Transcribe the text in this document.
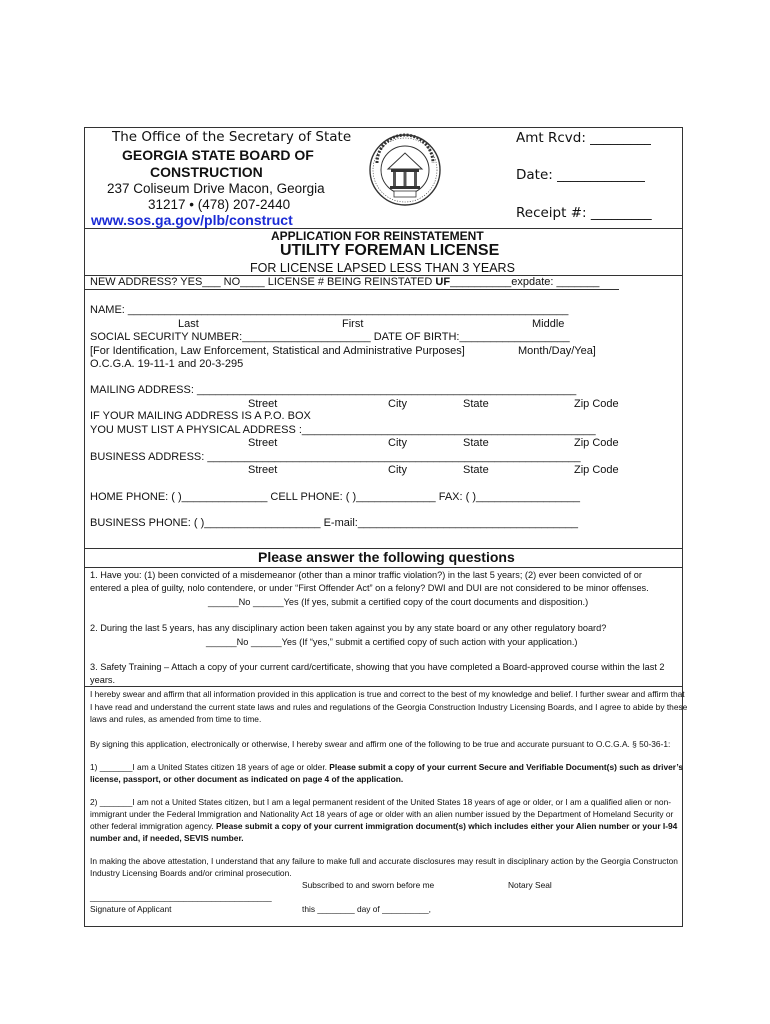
The Office of the Secretary of State
GEORGIA STATE BOARD OF
CONSTRUCTION
237 Coliseum Drive Macon, Georgia
31217 • (478) 207-2440
www.sos.ga.gov/plb/construct
Amt Rcvd: _________
Date: _____________
Receipt #: _________
APPLICATION FOR REINSTATEMENT
UTILITY FOREMAN LICENSE
FOR LICENSE LAPSED LESS THAN 3 YEARS
NEW ADDRESS? YES___ NO____ LICENSE # BEING REINSTATED UF__________expdate: _______
NAME: ________________________________________________________________________
Last	First	Middle
SOCIAL SECURITY NUMBER:_____________________ DATE OF BIRTH:__________________
[For Identification, Law Enforcement, Statistical and Administrative Purposes]	Month/Day/Yea]
O.C.G.A. 19-11-1 and 20-3-295
MAILING ADDRESS: ______________________________________________________________
Street	City	State	Zip Code
IF YOUR MAILING ADDRESS IS A P.O. BOX
YOU MUST LIST A PHYSICAL ADDRESS :________________________________________________
Street	City	State	Zip Code
BUSINESS ADDRESS: _____________________________________________________________
Street	City	State	Zip Code
HOME PHONE: ( )______________ CELL PHONE: ( )_____________ FAX: ( )_________________
BUSINESS PHONE: ( )___________________ E-mail:____________________________________
Please answer the following questions
1. Have you: (1) been convicted of a misdemeanor (other than a minor traffic violation?) in the last 5 years; (2) ever been convicted of or
entered a plea of guilty, nolo contendere, or under “First Offender Act” on a felony? DWI and DUI are not considered to be minor offenses.
______No ______Yes (If yes, submit a certified copy of the court documents and disposition.)
2. During the last 5 years, has any disciplinary action been taken against you by any state board or any other regulatory board?
______No ______Yes (If “yes,” submit a certified copy of such action with your application.)
3. Safety Training – Attach a copy of your current card/certificate, showing that you have completed a Board-approved course within the last 2
years.
I hereby swear and affirm that all information provided in this application is true and correct to the best of my knowledge and belief. I further swear and affirm that
I have read and understand the current state laws and rules and regulations of the Georgia Construction Industry Licensing Boards, and I agree to abide by these
laws and rules, as amended from time to time.
By signing this application, electronically or otherwise, I hereby swear and affirm one of the following to be true and accurate pursuant to O.C.G.A. § 50-36-1:
1) _______I am a United States citizen 18 years of age or older. Please submit a copy of your current Secure and Verifiable Document(s) such as driver’s
license, passport, or other document as indicated on page 4 of the application.
2) _______I am not a United States citizen, but I am a legal permanent resident of the United States 18 years of age or older, or I am a qualified alien or non-
immigrant under the Federal Immigration and Nationality Act 18 years of age or older with an alien number issued by the Department of Homeland Security or
other federal immigration agency. Please submit a copy of your current immigration document(s) which includes either your Alien number or your I-94
number and, if needed, SEVIS number.
In making the above attestation, I understand that any failure to make full and accurate disclosures may result in disciplinary action by the Georgia Constructon
Industry Licensing Boards and/or criminal prosecution.
Subscribed to and sworn before me	Notary Seal
_______________________________________
Signature of Applicant	this ________ day of __________,
